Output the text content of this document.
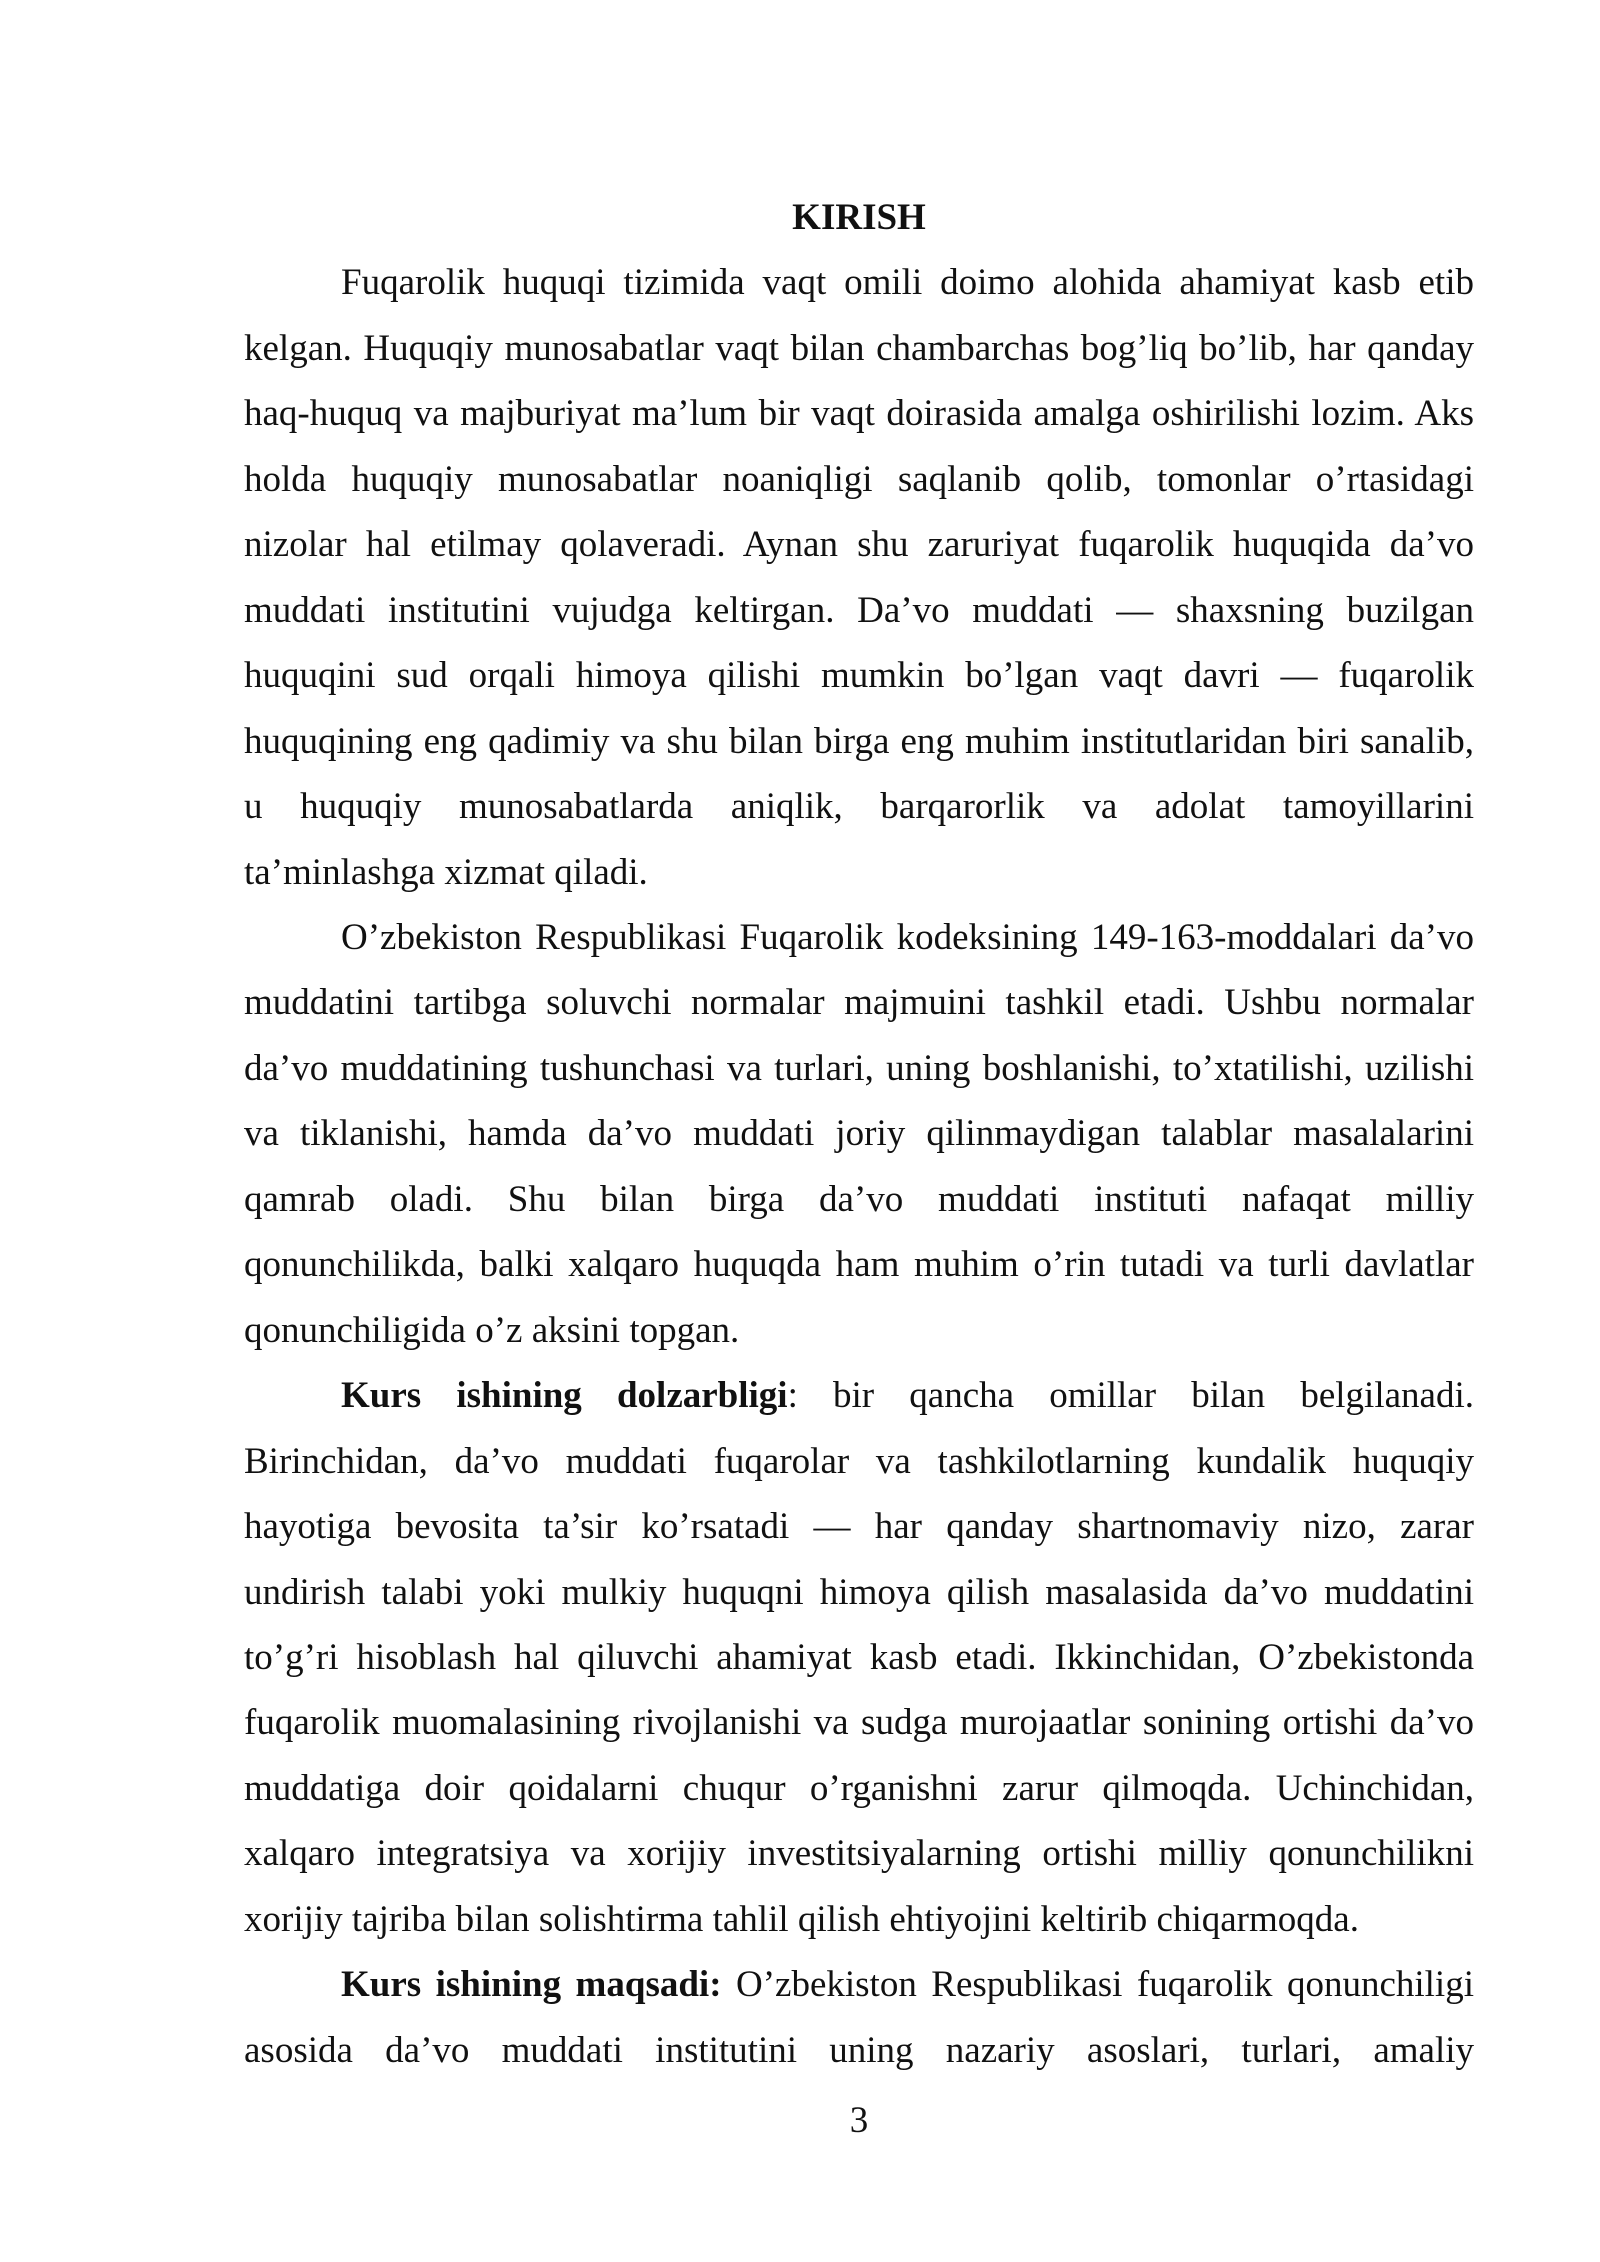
KIRISH
Fuqarolik huquqi tizimida vaqt omili doimo alohida ahamiyat kasb etib
kelgan. Huquqiy munosabatlar vaqt bilan chambarchas bog’liq bo’lib, har qanday
haq-huquq va majburiyat ma’lum bir vaqt doirasida amalga oshirilishi lozim. Aks
holda huquqiy munosabatlar noaniqligi saqlanib qolib, tomonlar o’rtasidagi
nizolar hal etilmay qolaveradi. Aynan shu zaruriyat fuqarolik huquqida da’vo
muddati institutini vujudga keltirgan. Da’vo muddati — shaxsning buzilgan
huquqini sud orqali himoya qilishi mumkin bo’lgan vaqt davri — fuqarolik
huquqining eng qadimiy va shu bilan birga eng muhim institutlaridan biri sanalib,
u huquqiy munosabatlarda aniqlik, barqarorlik va adolat tamoyillarini
ta’minlashga xizmat qiladi.
O’zbekiston Respublikasi Fuqarolik kodeksining 149-163-moddalari da’vo
muddatini tartibga soluvchi normalar majmuini tashkil etadi. Ushbu normalar
da’vo muddatining tushunchasi va turlari, uning boshlanishi, to’xtatilishi, uzilishi
va tiklanishi, hamda da’vo muddati joriy qilinmaydigan talablar masalalarini
qamrab oladi. Shu bilan birga da’vo muddati instituti nafaqat milliy
qonunchilikda, balki xalqaro huquqda ham muhim o’rin tutadi va turli davlatlar
qonunchiligida o’z aksini topgan.
Kurs ishining dolzarbligi: bir qancha omillar bilan belgilanadi.
Birinchidan, da’vo muddati fuqarolar va tashkilotlarning kundalik huquqiy
hayotiga bevosita ta’sir ko’rsatadi — har qanday shartnomaviy nizo, zarar
undirish talabi yoki mulkiy huquqni himoya qilish masalasida da’vo muddatini
to’g’ri hisoblash hal qiluvchi ahamiyat kasb etadi. Ikkinchidan, O’zbekistonda
fuqarolik muomalasining rivojlanishi va sudga murojaatlar sonining ortishi da’vo
muddatiga doir qoidalarni chuqur o’rganishni zarur qilmoqda. Uchinchidan,
xalqaro integratsiya va xorijiy investitsiyalarning ortishi milliy qonunchilikni
xorijiy tajriba bilan solishtirma tahlil qilish ehtiyojini keltirib chiqarmoqda.
Kurs ishining maqsadi: O’zbekiston Respublikasi fuqarolik qonunchiligi
asosida da’vo muddati institutini uning nazariy asoslari, turlari, amaliy
3
